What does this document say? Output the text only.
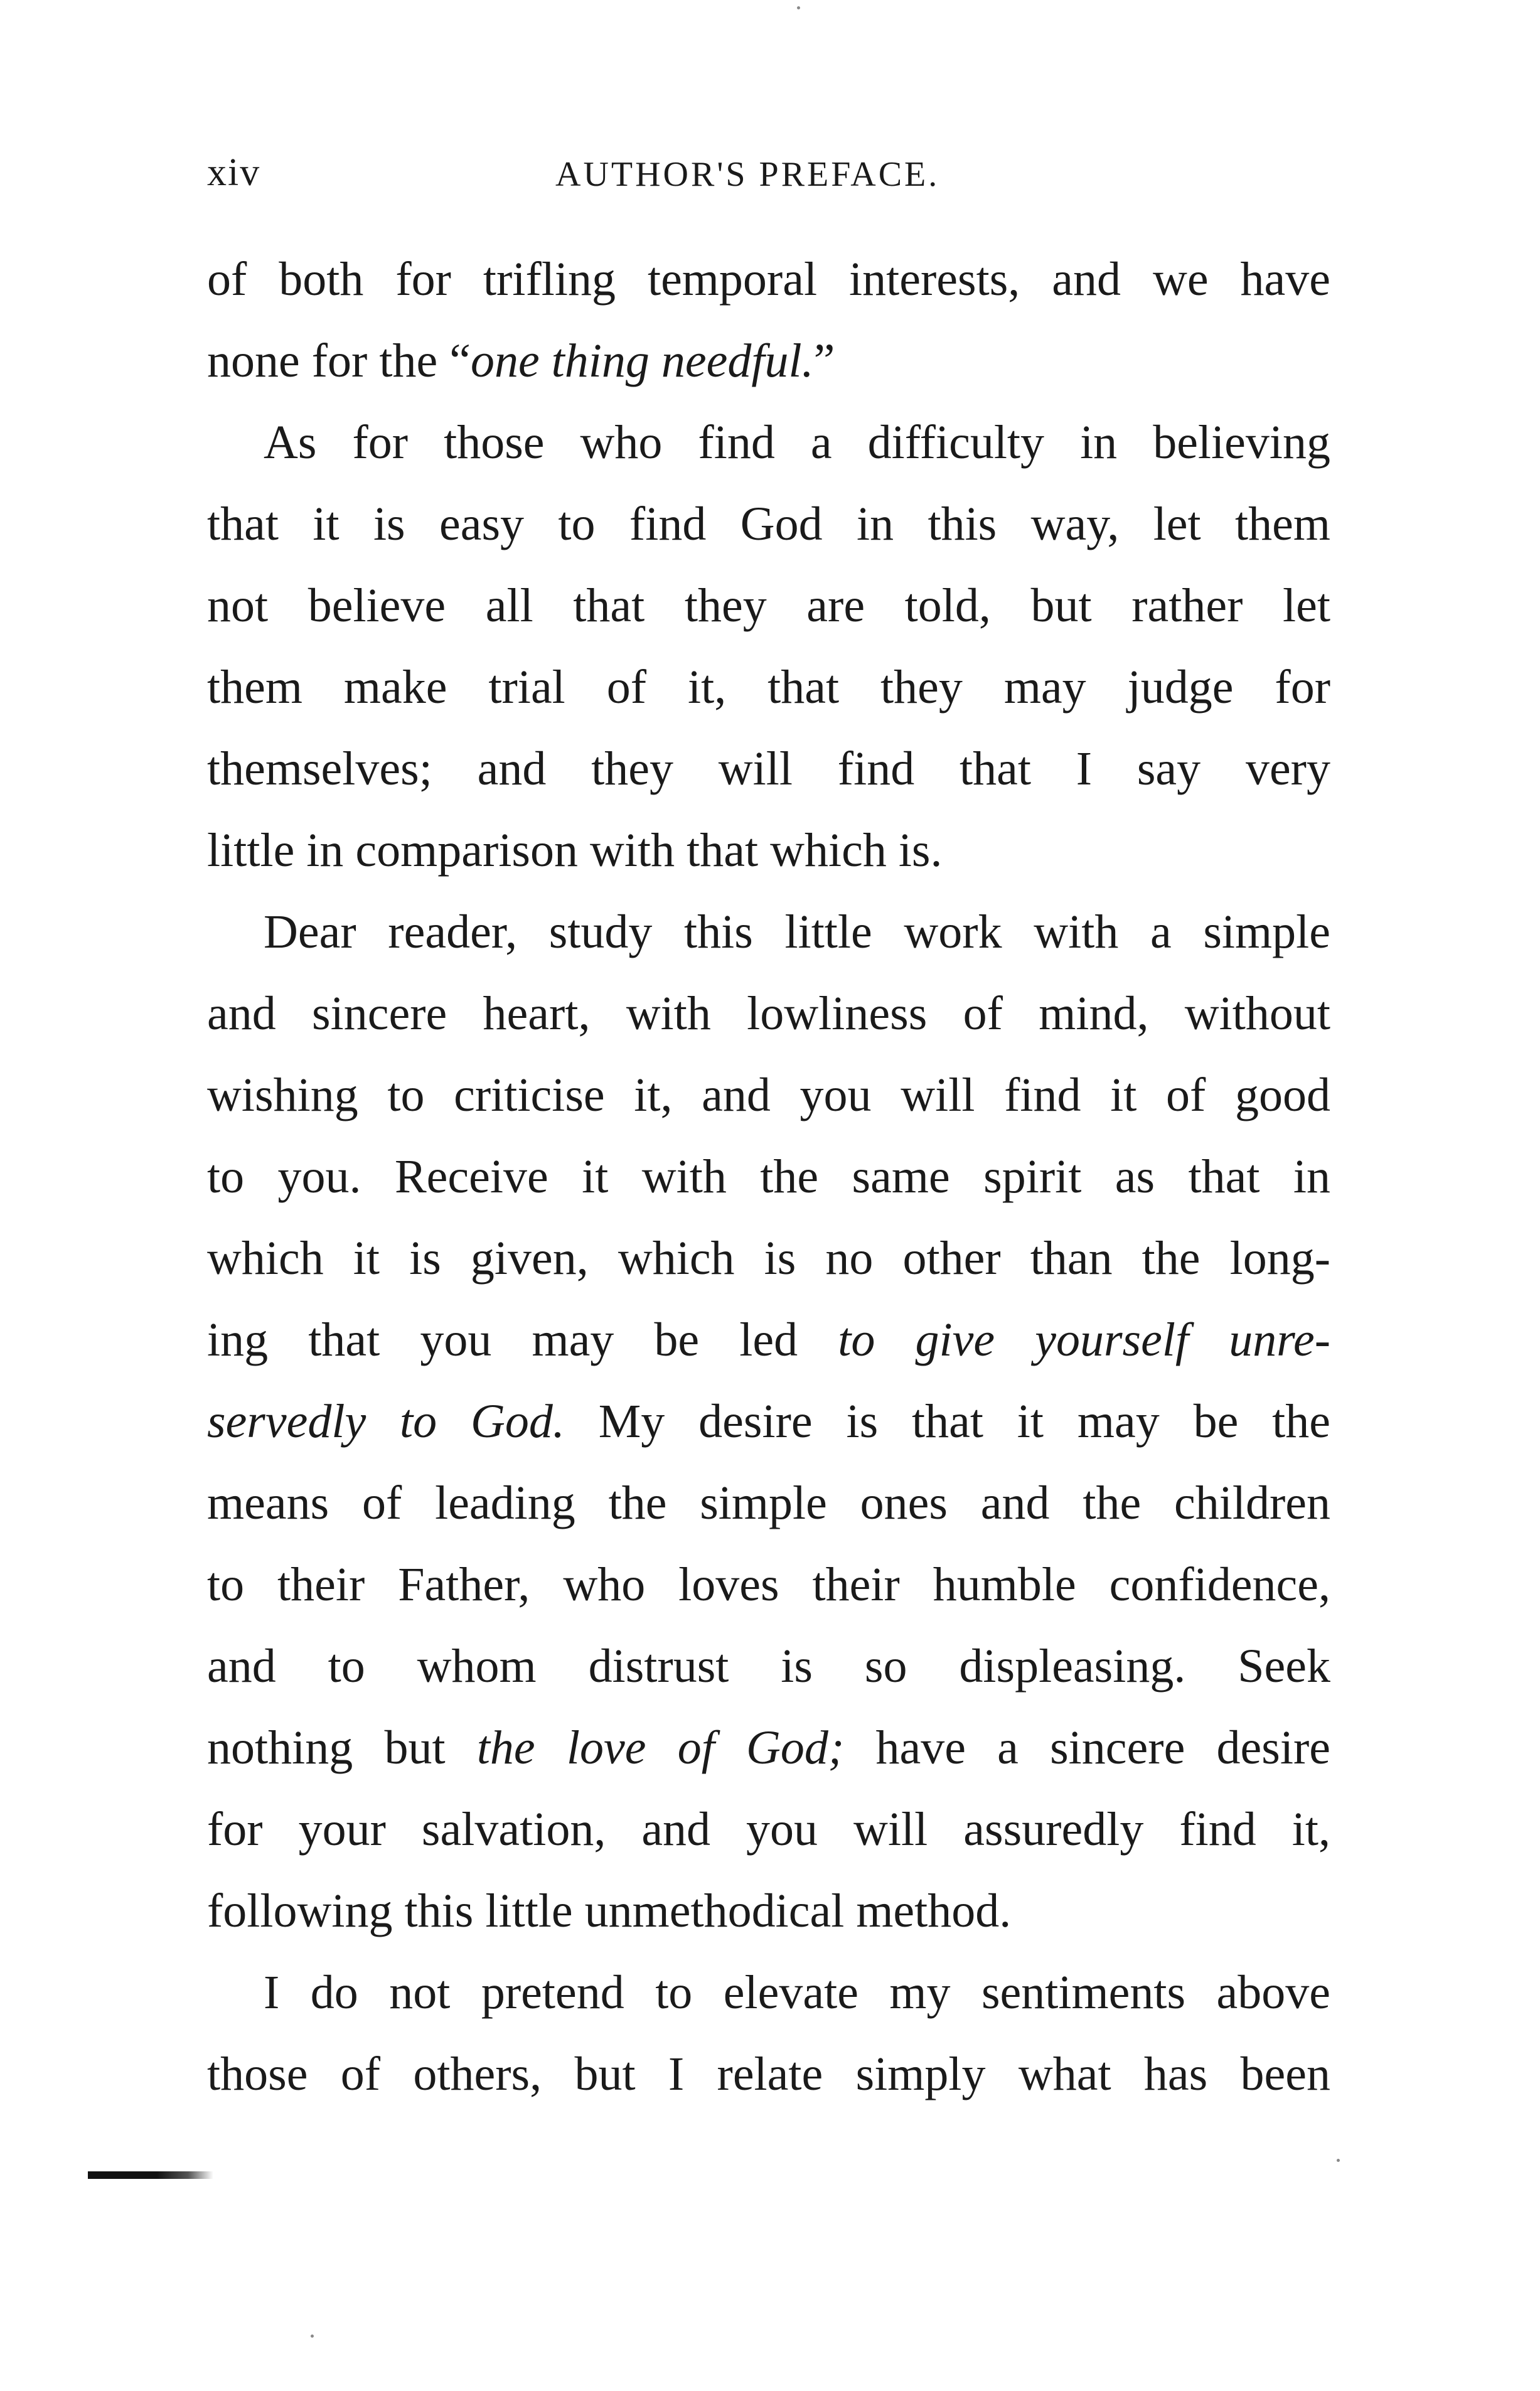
xiv	AUTHOR'S PREFACE.
of both for trifling temporal interests, and we have
none for the “one thing needful.”
As for those who find a difficulty in believing
that it is easy to find God in this way, let them
not believe all that they are told, but rather let
them make trial of it, that they may judge for
themselves; and they will find that I say very
little in comparison with that which is.
Dear reader, study this little work with a simple
and sincere heart, with lowliness of mind, without
wishing to criticise it, and you will find it of good
to you. Receive it with the same spirit as that in
which it is given, which is no other than the long-
ing that you may be led to give yourself unre-
servedly to God. My desire is that it may be the
means of leading the simple ones and the children
to their Father, who loves their humble confidence,
and to whom distrust is so displeasing. Seek
nothing but the love of God; have a sincere desire
for your salvation, and you will assuredly find it,
following this little unmethodical method.
I do not pretend to elevate my sentiments above
those of others, but I relate simply what has been
